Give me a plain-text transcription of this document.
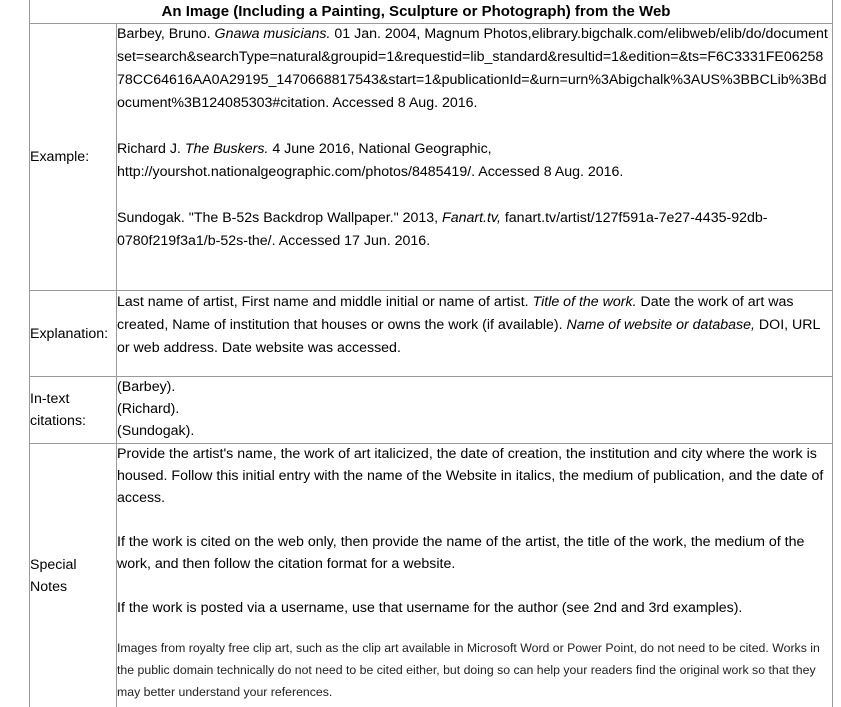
An Image (Including a Painting, Sculpture or Photograph) from the Web
Example:

Barbey, Bruno. Gnawa musicians. 01 Jan. 2004, Magnum Photos,elibrary.bigchalk.com/elibweb/elib/do/documentset=search&searchType=natural&groupid=1&requestid=lib_standard&resultid=1&edition=&ts=F6C3331FE0625878CC64616AA0A29195_1470668817543&start=1&publicationId=&urn=urn%3Abigchalk%3AUS%3BBCLib%3Bdocument%3B124085303#citation. Accessed 8 Aug. 2016.

Richard J. The Buskers. 4 June 2016, National Geographic,
http://yourshot.nationalgeographic.com/photos/8485419/. Accessed 8 Aug. 2016.

Sundogak. "The B-52s Backdrop Wallpaper." 2013, Fanart.tv, fanart.tv/artist/127f591a-7e27-4435-92db-
0780f219f3a1/b-52s-the/. Accessed 17 Jun. 2016.

Explanation:

Last name of artist, First name and middle initial or name of artist. Title of the work. Date the work of art was created, Name of institution that houses or owns the work (if available). Name of website or database, DOI, URL or web address. Date website was accessed.

In-text
citations:
(Barbey).
(Richard).
(Sundogak).
Special
Notes

Provide the artist's name, the work of art italicized, the date of creation, the institution and city where the work is housed. Follow this initial entry with the name of the Website in italics, the medium of publication, and the date of access.

If the work is cited on the web only, then provide the name of the artist, the title of the work, the medium of the work, and then follow the citation format for a website.

If the work is posted via a username, use that username for the author (see 2nd and 3rd examples).

Images from royalty free clip art, such as the clip art available in Microsoft Word or Power Point, do not need to be cited. Works in the public domain technically do not need to be cited either, but doing so can help your readers find the original work so that they may better understand your references.
